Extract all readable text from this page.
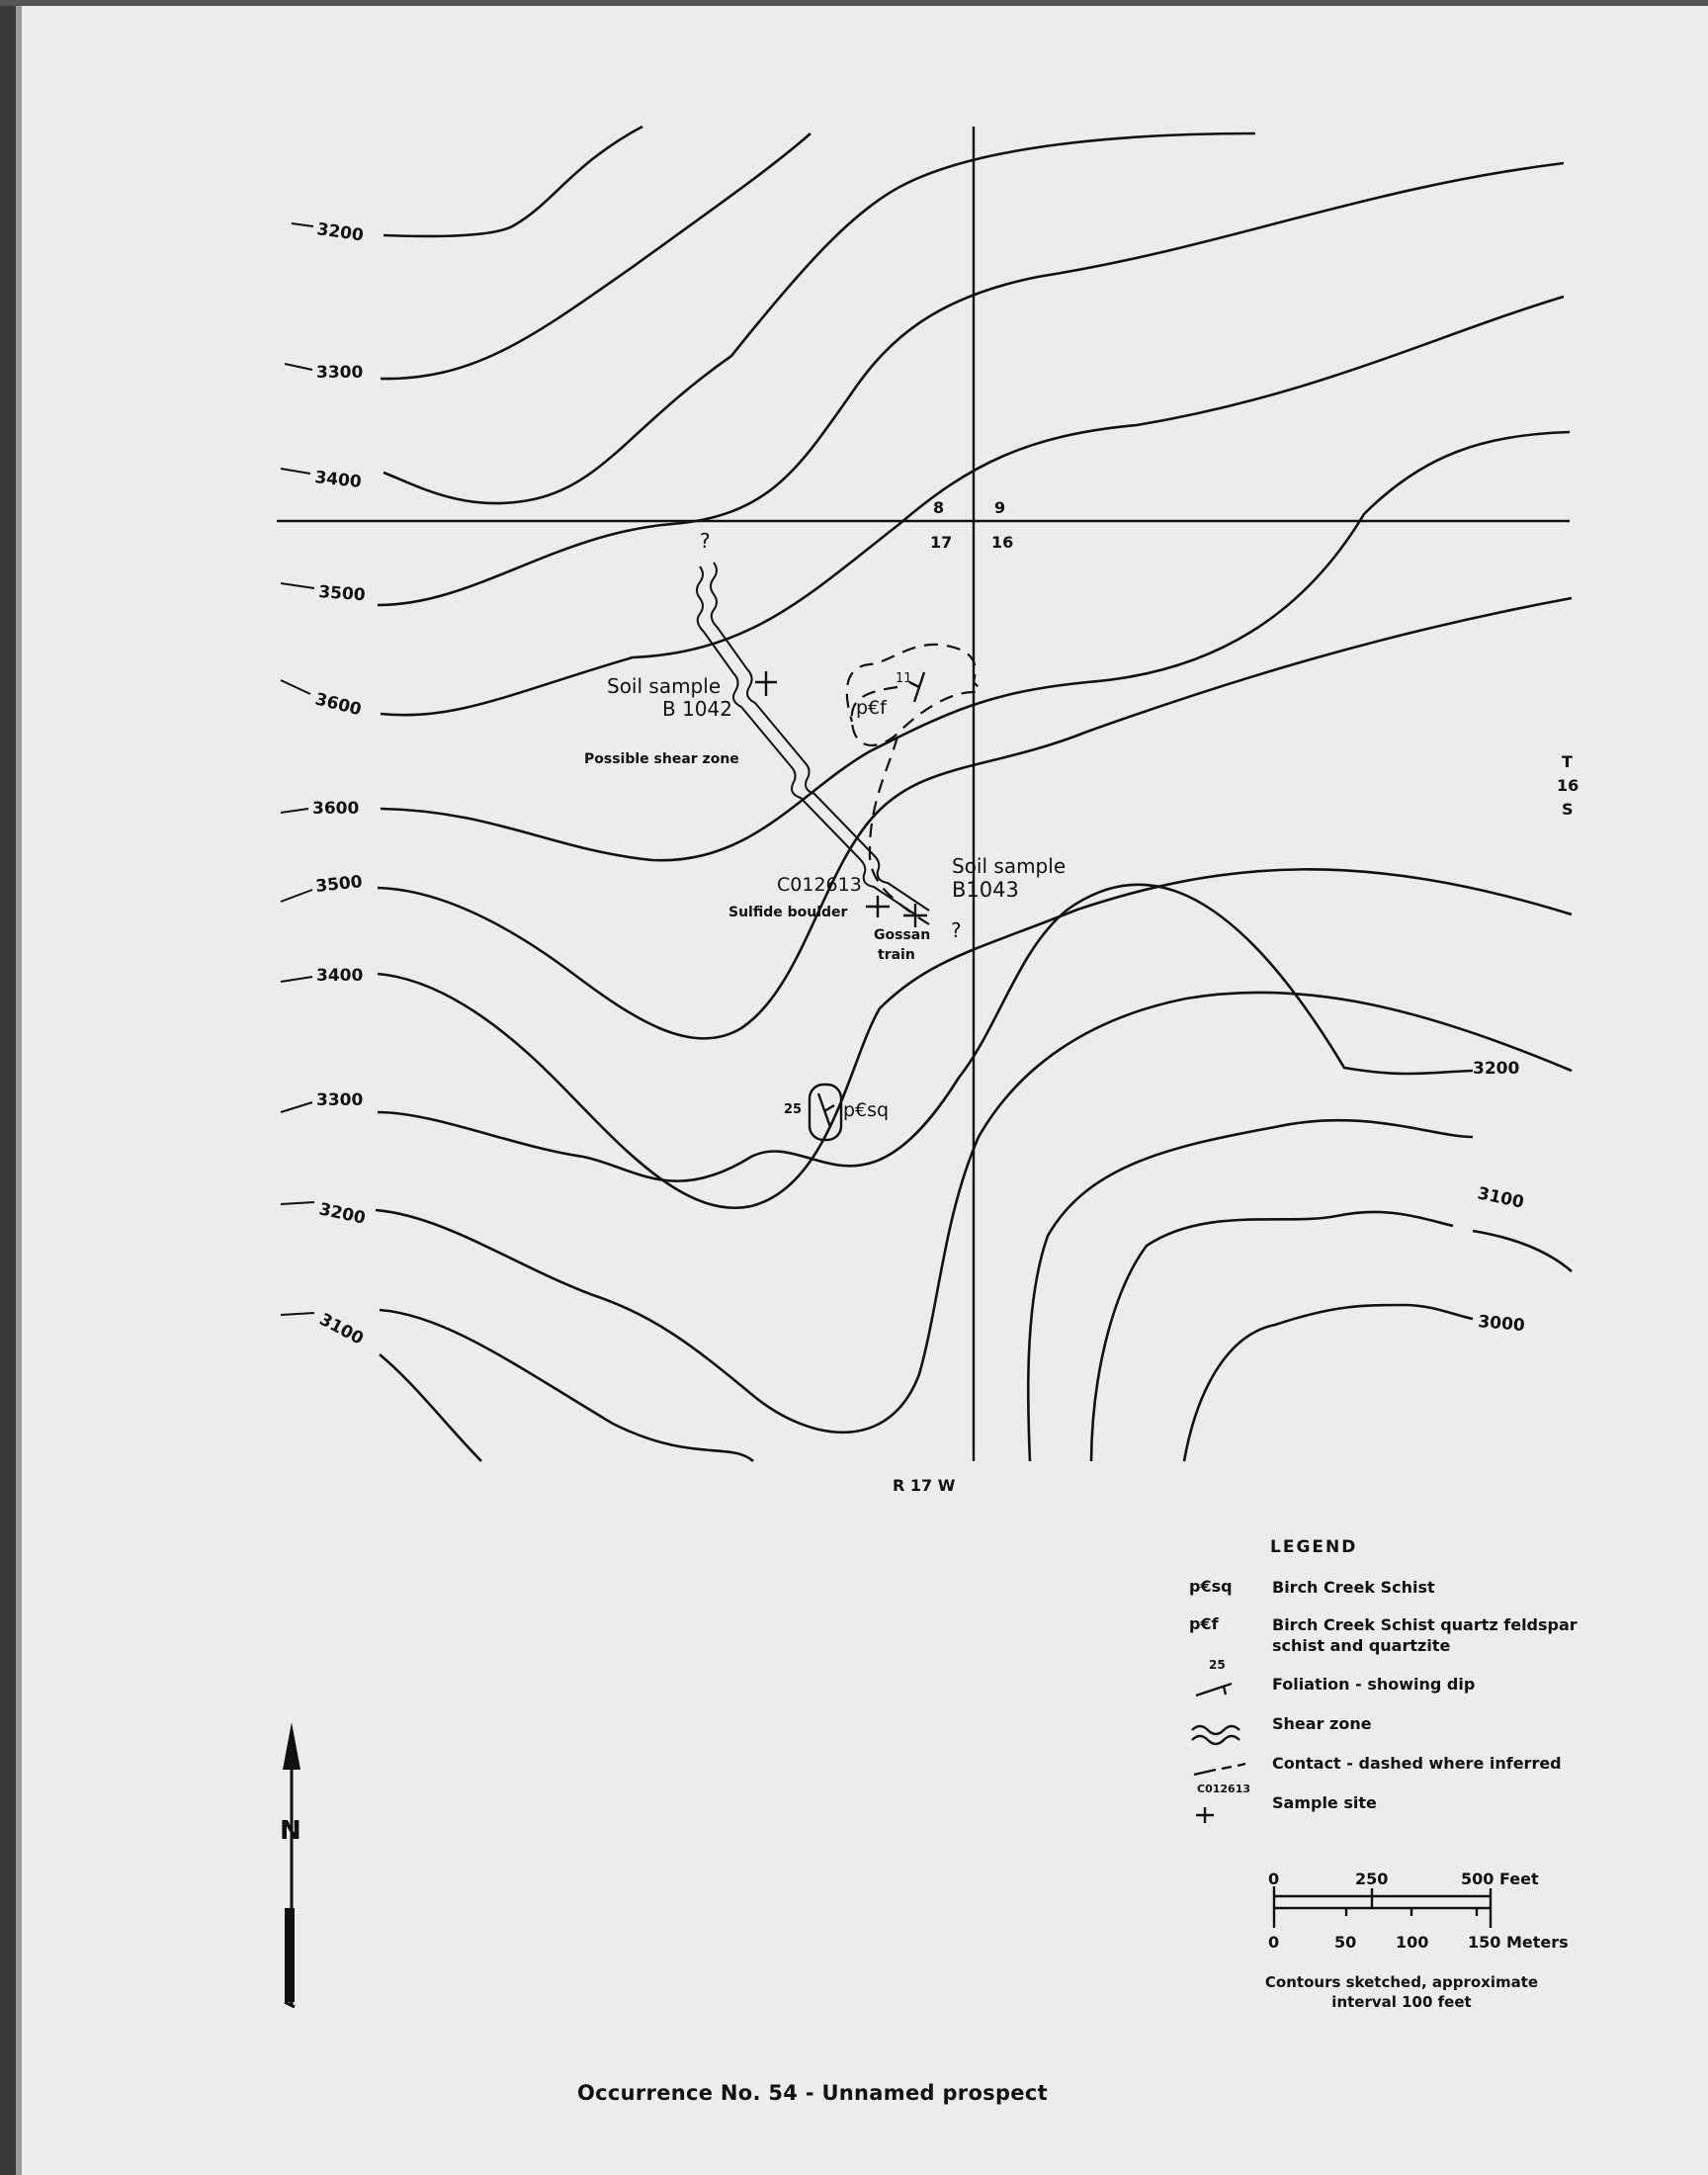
3200
3300
3400
3500
3600
3600
3500
3400
3300
3200
3100
3200
3100
3000
8	9
17 16
T
16
S
R 17 W
?
?
11
p€f
25 p€sq
Soil sample
B 1042
Possible shear zone
Soil sample
B1043
C012613
Sulfide boulder
Gossan
train
N
LEGEND
p€sq	Birch Creek Schist
p€f	Birch Creek Schist quartz feldspar schist and quartzite
25
Foliation - showing dip
Shear zone
Contact - dashed where inferred
C012613
Sample site
0	250	500 Feet
0	50 100 150 Meters
Contours sketched, approximate
interval 100 feet
Occurrence No. 54 - Unnamed prospect
